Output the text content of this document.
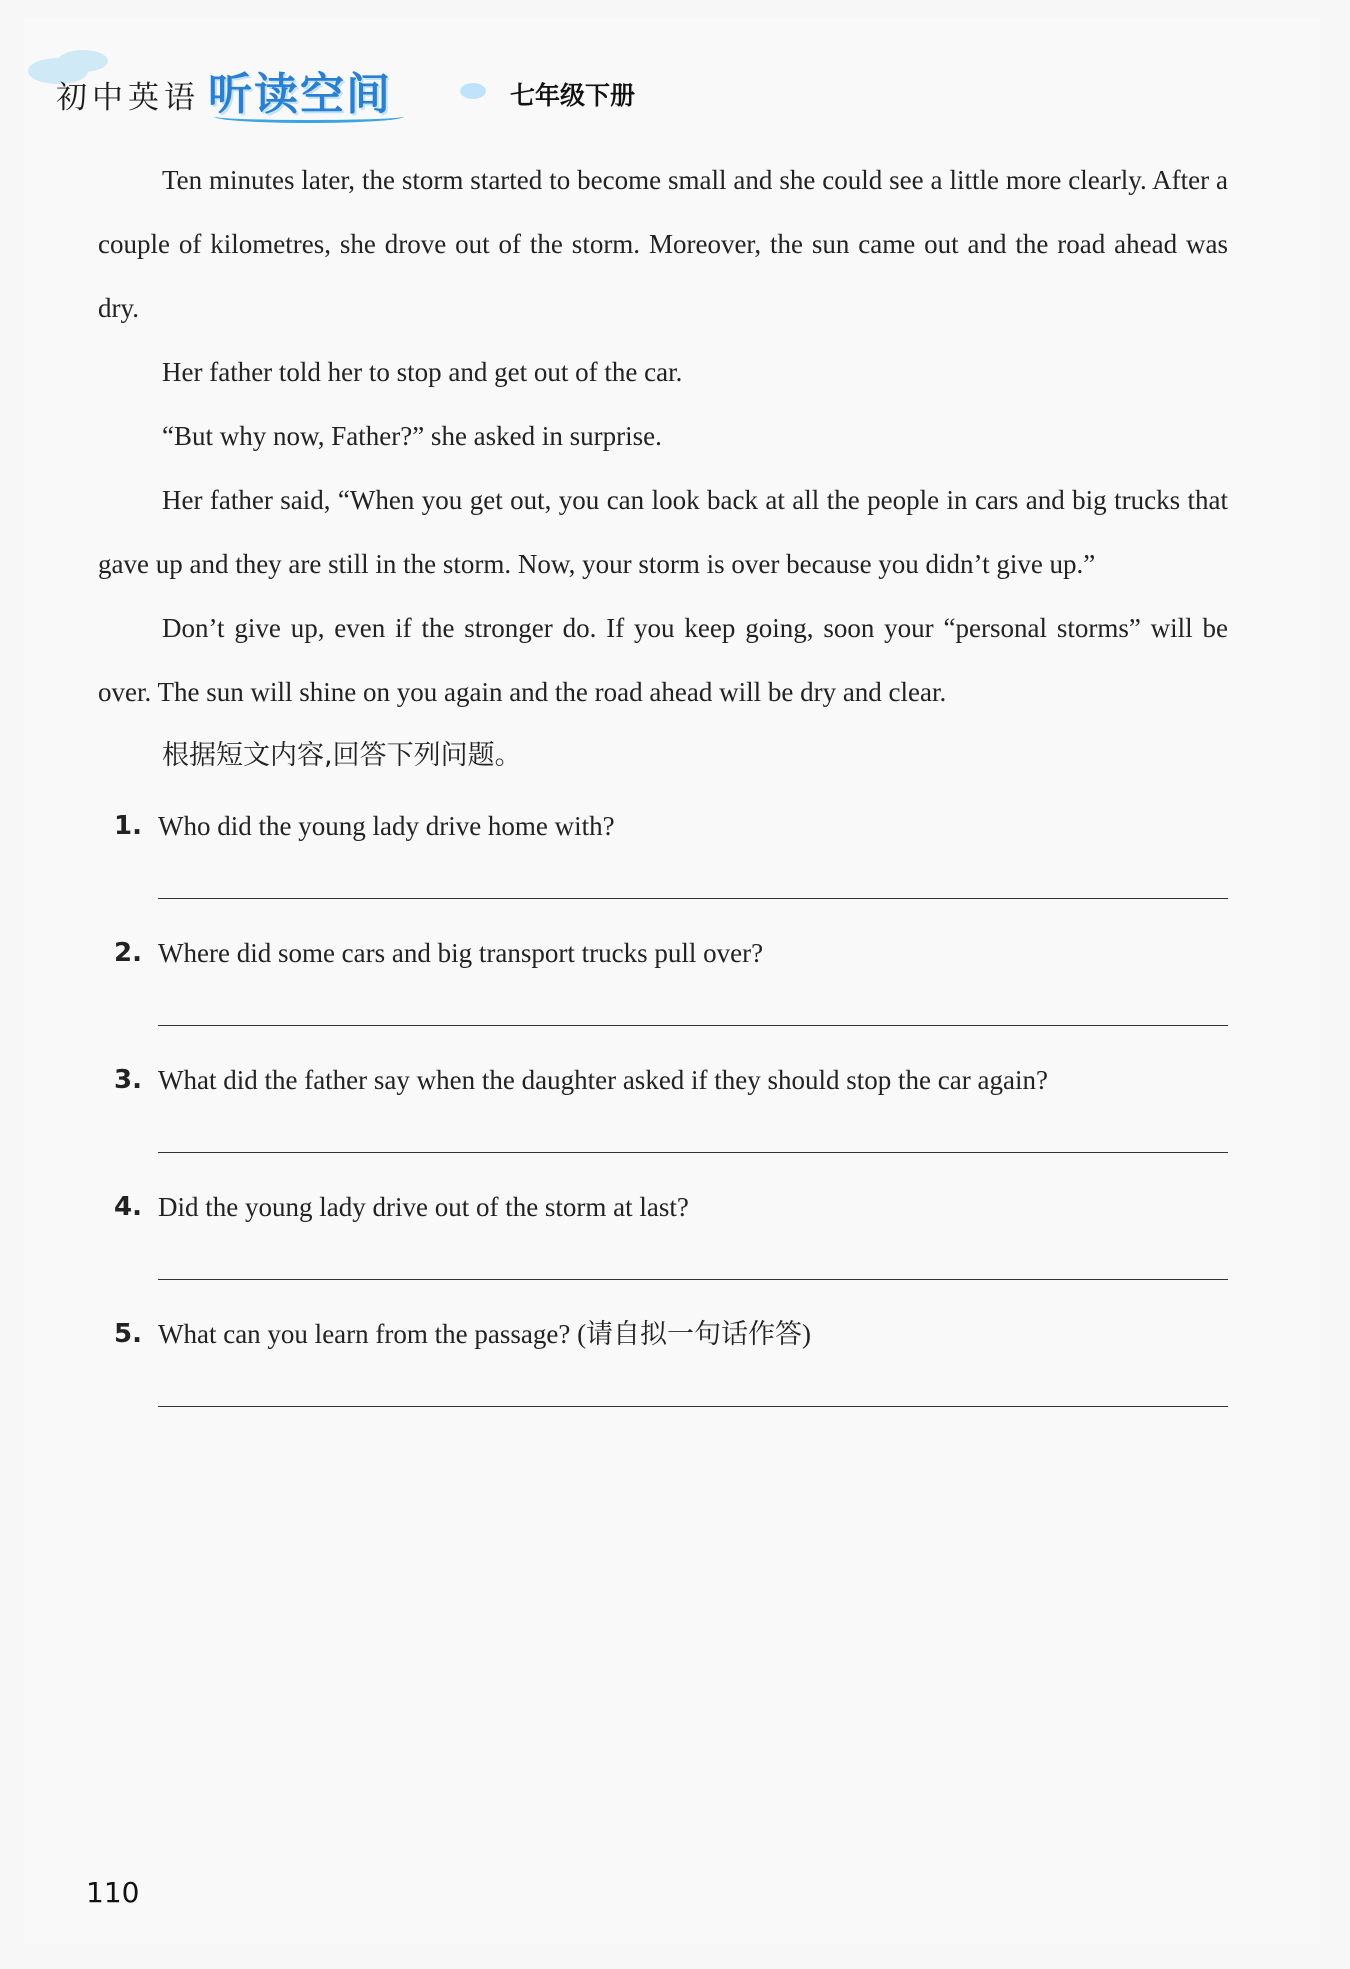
初中英语 听读空间	七年级下册

Ten minutes later, the storm started to become small and she could see a little more clearly. After a couple of kilometres, she drove out of the storm. Moreover, the sun came out and the road ahead was dry.

Her father told her to stop and get out of the car.

“But why now, Father?” she asked in surprise.

Her father said, “When you get out, you can look back at all the people in cars and big trucks that gave up and they are still in the storm. Now, your storm is over because you didn’t give up.”

Don’t give up, even if the stronger do. If you keep going, soon your “personal storms” will be over. The sun will shine on you again and the road ahead will be dry and clear.

根据短文内容,回答下列问题。

1. Who did the young lady drive home with?
2. Where did some cars and big transport trucks pull over?
3. What did the father say when the daughter asked if they should stop the car again?
4. Did the young lady drive out of the storm at last?
5. What can you learn from the passage? (请自拟一句话作答)
110
